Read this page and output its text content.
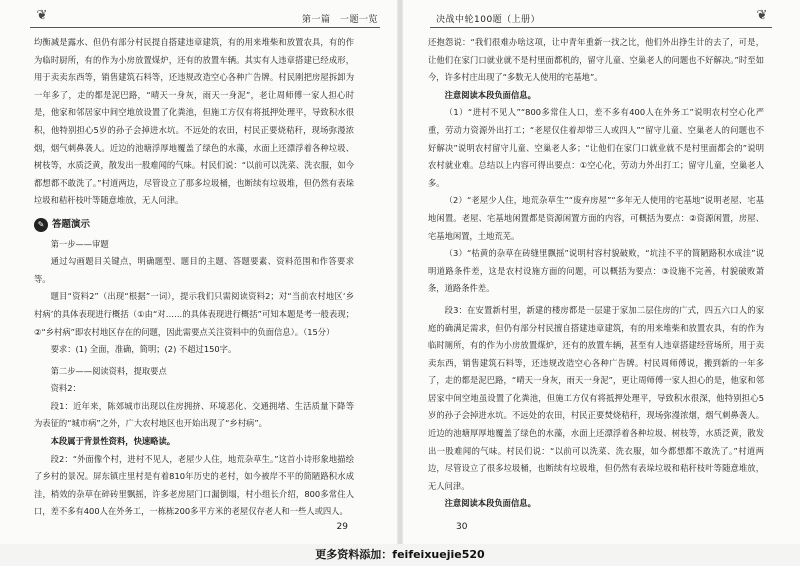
❦	第一篇　一题一览

均衡减是露水、但仍有部分村民提自搭建违章建筑，有的用来堆柴和放置农具，有的作为临时厨所，有的作为小房放置煤炉，还有的放置车辆。其实有人违章搭建已经成形，用于卖卖东西等，销售建筑石料等，还违规改造空心各种广告牌。村民刚把房屋拆卸为一年多了，走的都是泥巴路，“晴天一身灰，雨天一身泥”，老让周师傅一家人担心时是，他家和邻居家中间空地放设置了化粪池，但施工方仅有将抵押处理平，导致积水很积，他特别担心5岁的孙子会掉进水坑。不远处的农田，村民正要烧秸秆，现场弥漫浓烟，烟气刺鼻袭人。近边的池塘浮厚地覆盖了绿色的水藻，水面上还漂浮着各种垃圾、树枝等，水质泛黄，散发出一股难闻的气味。村民们说：“以前可以洗菜、洗衣服，如今都想都不敢洗了。”村道两边，尽管设立了那多垃圾桶，也断续有垃圾堆，但仍然有表垛垃圾和秸秆枝叶等随意堆放，无人问津。

✎ 答题演示

第一步——审题

通过勾画题目关键点，明确题型、题目的主题、答题要素、资料范围和作答要求等。

题目“资料2”（出现“根据”一词），提示我们只需阅读资料2；对“当前农村地区‘乡村病’的具体表现进行概括（①由“对……的具体表现进行概括”可知本题是考一般表现；②“乡村病”即农村地区存在的问题，因此需要点关注资料中的负面信息）。（15分）

要求：(1) 全面，准确，简明；(2) 不超过150字。

第二步——阅读资料，提取要点

资料2：

段1：近年来，陈郊城市出现以住房拥挤、环境恶化、交通拥堵、生活质量下降等为表征的“城市病”之外，广大农村地区也开始出现了“乡村病”。

本段属于背景性资料，快速略读。

段2：“外面像个村，进村不见人，老屋少人住，地荒杂草生。”这首小诗形象地描绘了乡村的景况。屏东镇庄里村是有着810年历史的老村，如今被岸不平的简陋路积水成洼，梢效的杂草在碎砖里飘摇，许多老房屋门口漏倒塌，村小组长介绍，800多常住人口，差不多有400人在外务工，一栋栋200多平方米的老屋仅存老人和一些人或四人。

29
决战中轮100题（上册）	❦

还抱怨说：“我们很难办啥这项，让中青年重新一找之比，他们外出挣生计的去了，可是，让他们在家门口就业就不是村里面都机的，留守儿童、空巢老人的问题也不好解决。”时至如今，许多村庄出现了“多数无人使用的宅基地”。

注意阅读本段负面信息。

（1）“进村不见人”“800多常住人口，差不多有400人在外务工”说明农村空心化严重，劳动力资源外出打工；“老屋仅住着却带三人或四人”“留守儿童、空巢老人的问题也不好解决”说明农村留守儿童、空巢老人多；“让他们在家门口就业就不是村里面都会的”说明农村就业难。总结以上内容可得出要点：①空心化，劳动力外出打工；留守儿童，空巢老人多。

（2）“老屋少人住，地荒杂草生”“废弃房屋”“多年无人使用的宅基地”说明老屋、宅基地闲置。老屋、宅基地闲置都是资源闲置方面的内容，可概括为要点：②资源闲置，房屋、宅基地闲置，土地荒芜。

（3）“枯黄的杂草在砖缝里飘摇”说明村容村貌破败，“坑洼不平的简陋路积水成洼”说明道路条件差，这是农村设施方面的问题，可以概括为要点：③设施不完善，村貌破败萧条，道路条件差。

段3：在安置新村里，新建的楼房都是一层建于家加二层住房的广式，四五六口人的家庭的确满足需求，但仍有部分村民擅自搭建违章建筑，有的用来堆柴和放置农具，有的作为临时厕所，有的作为小房放置煤炉，还有的放置车辆，甚至有人违章搭建经营场所，用于卖卖东西，销售建筑石料等，还违规改造空心各种广告牌。村民周师傅说，搬到新的一年多了，走的都是泥巴路，“晴天一身灰，雨天一身泥”，更让周师傅一家人担心的是，他家和邻居家中间空地虽设置了化粪池，但施工方仅有将抵押处理平，导致积水很深，他特别担心5岁的孙子会掉进水坑。不远处的农田，村民正要焚烧秸秆，现场弥漫浓烟，烟气刺鼻袭人。近边的池塘厚厚地覆盖了绿色的水藻，水面上还漂浮着各种垃圾、树枝等，水质泛黄，散发出一股难闻的气味。村民们说：“以前可以洗菜、洗衣服，如今都想都不敢洗了。”村道两边，尽管设立了很多垃圾桶，也断续有垃圾堆，但仍然有表垛垃圾和秸秆枝叶等随意堆放，无人问津。

注意阅读本段负面信息。

30
更多资料添加：feifeixuejie520
